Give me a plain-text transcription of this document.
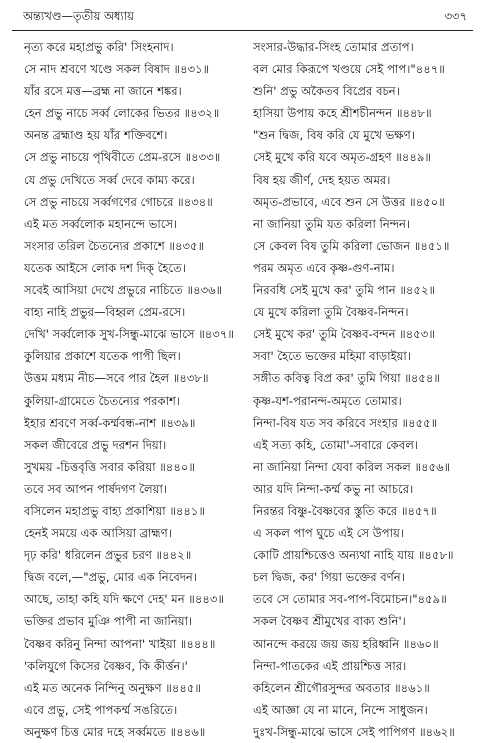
অন্ত্যখণ্ড—তৃতীয় অধ্যায়	৩৩৭
নৃত্য করে মহাপ্রভু করি' সিংহনাদ।
সে নাদ শ্রবণে খণ্ডে সকল বিষাদ ॥৪৩১॥
যাঁর রসে মত্ত—ব্রহ্ম না জানে শঙ্কর।
হেন প্রভু নাচে সর্ব্ব লোকের ভিতর ॥৪৩২॥
অনন্ত ব্রহ্মাণ্ড হয় যাঁর শক্তিবশে।
সে প্রভু নাচয়ে পৃথিবীতে প্রেম-রসে ॥৪৩৩॥
যে প্রভু দেখিতে সর্ব্ব দেবে কাম্য করে।
সে প্রভু নাচয়ে সর্ব্বগণের গোচরে ॥৪৩৪॥
এই মত সর্ব্বলোক মহানন্দে ভাসে।
সংসার তরিল চৈতন্যের প্রকাশে ॥৪৩৫॥
যতেক আইসে লোক দশ দিক্ হৈতে।
সবেই আসিয়া দেখে প্রভুরে নাচিতে ॥৪৩৬॥
বাহ্য নাহি প্রভুর—বিহ্বল প্রেম-রসে।
দেখি' সর্ব্বলোক সুখ-সিন্ধু-মাঝে ভাসে ॥৪৩৭॥
কুলিয়ার প্রকাশে যতেক পাপী ছিল।
উত্তম মধ্যম নীচ—সবে পার হৈল ॥৪৩৮॥
কুলিয়া-গ্রামেতে চৈতন্যের পরকাশ।
ইহার শ্রবণে সর্ব্ব-কর্ম্মবন্ধ-নাশ ॥৪৩৯॥
সকল জীবেরে প্রভু দরশন দিয়া।
সুখময় -চিত্তবৃত্তি সবার করিয়া ॥৪৪০॥
তবে সব আপন পার্ষদগণ লৈয়া।
বসিলেন মহাপ্রভু বাহ্য প্রকাশিয়া ॥৪৪১॥
হেনই সময়ে এক আসিয়া ব্রাহ্মণ।
দৃঢ় করি' ধরিলেন প্রভুর চরণ ॥৪৪২॥
দ্বিজ বলে,—"প্রভু, মোর এক নিবেদন।
আছে, তাহা কহি যদি ক্ষণে দেহ' মন ॥৪৪৩॥
ভক্তির প্রভাব মুঞি পাপী না জানিয়া।
বৈষ্ণব করিনু নিন্দা আপনা' খাইয়া ॥৪৪৪॥
'কলিযুগে কিসের বৈষ্ণব, কি কীর্ত্তন।'
এই মত অনেক নিন্দিনু অনুক্ষণ ॥৪৪৫॥
এবে প্রভু, সেই পাপকর্ম্ম সঙরিতে।
অনুক্ষণ চিত্ত মোর দহে সর্ব্বমতে ॥৪৪৬॥
সংসার-উদ্ধার-সিংহ তোমার প্রতাপ।
বল মোর কিরূপে খণ্ডয়ে সেই পাপ।"৪৪৭॥
শুনি' প্রভু অকৈতব বিপ্রের বচন।
হাসিয়া উপায় কহে শ্রীশচীনন্দন ॥৪৪৮॥
"শুন দ্বিজ, বিষ করি যে মুখে ভক্ষণ।
সেই মুখে করি যবে অমৃত-গ্রহণ ॥৪৪৯॥
বিষ হয় জীর্ণ, দেহ হয়ত অমর।
অমৃত-প্রভাবে, এবে শুন সে উত্তর ॥৪৫০॥
না জানিয়া তুমি যত করিলা নিন্দন।
সে কেবল বিষ তুমি করিলা ভোজন ॥৪৫১॥
পরম অমৃত এবে কৃষ্ণ-গুণ-নাম।
নিরবধি সেই মুখে কর' তুমি পান ॥৪৫২॥
যে মুখে করিলা তুমি বৈষ্ণব-নিন্দন।
সেই মুখে কর' তুমি বৈষ্ণব-বন্দন ॥৪৫৩॥
সবা' হৈতে ভক্তের মহিমা বাড়াইয়া।
সঙ্গীত কবিত্ব বিপ্র কর' তুমি গিয়া ॥৪৫৪॥
কৃষ্ণ-যশ-পরানন্দ-অমৃতে তোমার।
নিন্দা-বিষ যত সব করিবে সংহার ॥৪৫৫॥
এই সত্য কহি, তোমা'-সবারে কেবল।
না জানিয়া নিন্দা যেবা করিল সকল ॥৪৫৬॥
আর যদি নিন্দা-কর্ম্ম কভু না আচরে।
নিরন্তর বিষ্ণু-বৈষ্ণবের স্তুতি করে ॥৪৫৭॥
এ সকল পাপ ঘুচে এই সে উপায়।
কোটি প্রায়শ্চিত্তেও অন্যথা নাহি যায় ॥৪৫৮॥
চল দ্বিজ, কর' গিয়া ভক্তের বর্ণন।
তবে সে তোমার সব-পাপ-বিমোচন।"৪৫৯॥
সকল বৈষ্ণব শ্রীমুখের বাক্য শুনি'।
আনন্দে করয়ে জয় জয় হরিধ্বনি ॥৪৬০॥
নিন্দা-পাতকের এই প্রায়শ্চিত্ত সার।
কহিলেন শ্রীগৌরসুন্দর অবতার ॥৪৬১॥
এই আজ্ঞা যে না মানে, নিন্দে সাধুজন।
দুঃখ-সিন্ধু-মাঝে ভাসে সেই পাপিগণ ॥৪৬২॥
